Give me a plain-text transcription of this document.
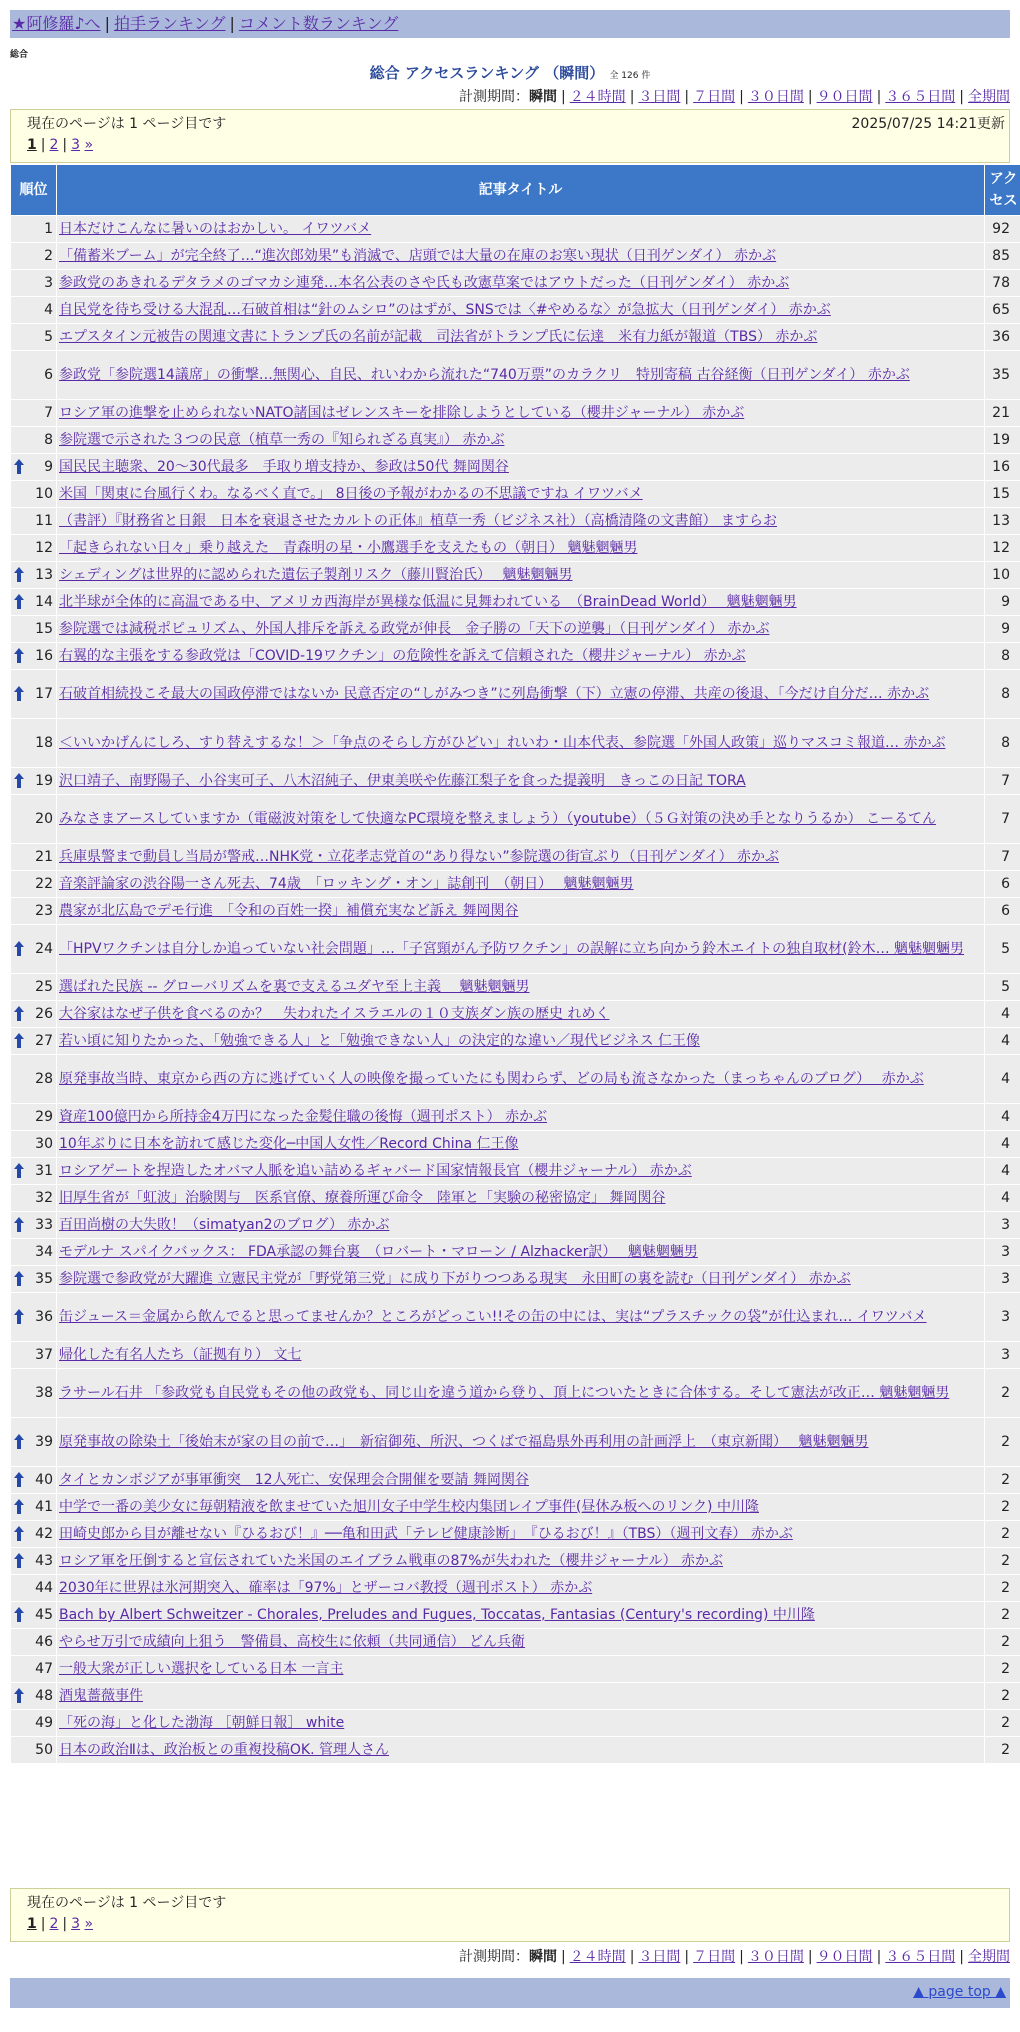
★阿修羅♪へ | 拍手ランキング | コメント数ランキング
総合
総合 アクセスランキング （瞬間） 全 126 件
計測期間：瞬間 | ２４時間 | ３日間 | ７日間 | ３０日間 | ９０日間 | ３６５日間 | 全期間
現在のページは 1 ページ目です	2025/07/25 14:21更新
1 | 2 | 3 »
順位	記事タイトル	アクセス
1	日本だけこんなに暑いのはおかしい。 イワツバメ	92
2	「備蓄米ブーム」が完全終了…“進次郎効果”も消滅で、店頭では大量の在庫のお寒い現状（日刊ゲンダイ） 赤かぶ	85
3	参政党のあきれるデタラメのゴマカシ連発…本名公表のさや氏も改憲草案ではアウトだった（日刊ゲンダイ） 赤かぶ	78
4	自民党を待ち受ける大混乱…石破首相は“針のムシロ”のはずが、SNSでは〈#やめるな〉が急拡大（日刊ゲンダイ） 赤かぶ	65
5	エプスタイン元被告の関連文書にトランプ氏の名前が記載　司法省がトランプ氏に伝達　米有力紙が報道（TBS） 赤かぶ	36
6	参政党「参院選14議席」の衝撃…無関心、自民、れいわから流れた“740万票”のカラクリ　特別寄稿 古谷経衡（日刊ゲンダイ） 赤かぶ	35
7	ロシア軍の進撃を止められないNATO諸国はゼレンスキーを排除しようとしている（櫻井ジャーナル） 赤かぶ	21
8	参院選で示された３つの民意（植草一秀の『知られざる真実』） 赤かぶ	19

9	国民民主聴衆、20～30代最多　手取り増支持か、参政は50代 舞岡関谷	16
10	米国「関東に台風行くわ。なるべく直で。」 8日後の予報がわかるの不思議ですね イワツバメ	15
11	（書評）『財務省と日銀　日本を衰退させたカルトの正体』植草一秀（ビジネス社）（高橋清隆の文書館） ますらお	13
12	「起きられない日々」乗り越えた　青森明の星・小鷹選手を支えたもの（朝日） 魑魅魍魎男	12

13	シェディングは世界的に認められた遺伝子製剤リスク（藤川賢治氏）　 魑魅魍魎男	10

14	北半球が全体的に高温である中、アメリカ西海岸が異様な低温に見舞われている　（BrainDead World）　 魑魅魍魎男	9
15	参院選では減税ポピュリズム、外国人排斥を訴える政党が伸長　金子勝の「天下の逆襲」（日刊ゲンダイ） 赤かぶ	9

16	右翼的な主張をする参政党は「COVID-19ワクチン」の危険性を訴えて信頼された（櫻井ジャーナル） 赤かぶ	8

17	石破首相続投こそ最大の国政停滞ではないか 民意否定の“しがみつき”に列島衝撃（下）立憲の停滞、共産の後退、「今だけ自分だ… 赤かぶ	8
18	＜いいかげんにしろ、すり替えするな！＞「争点のそらし方がひどい」れいわ・山本代表、参院選「外国人政策」巡りマスコミ報道… 赤かぶ	8

19	沢口靖子、南野陽子、小谷実可子、八木沼純子、伊東美咲や佐藤江梨子を食った提義明　きっこの日記 TORA	7
20	みなさまアースしていますか（電磁波対策をして快適なPC環境を整えましょう）（youtube）（５Ｇ対策の決め手となりうるか） こーるてん	7
21	兵庫県警まで動員し当局が警戒…NHK党・立花孝志党首の“あり得ない”参院選の街宣ぶり（日刊ゲンダイ） 赤かぶ	7
22	音楽評論家の渋谷陽一さん死去、74歳　「ロッキング・オン」誌創刊　（朝日）　 魑魅魍魎男	6
23	農家が北広島でデモ行進　「令和の百姓一揆」補償充実など訴え 舞岡関谷	6

24	「HPVワクチンは自分しか追っていない社会問題」…「子宮頸がん予防ワクチン」の誤解に立ち向かう鈴木エイトの独自取材(鈴木… 魑魅魍魎男	5
25	選ばれた民族 -- グローバリズムを裏で支えるユダヤ至上主義　 魑魅魍魎男	5

26	大谷家はなぜ子供を食べるのか？　失われたイスラエルの１０支族ダン族の歴史 れめく	4

27	若い頃に知りたかった、「勉強できる人」と「勉強できない人」の決定的な違い／現代ビジネス 仁王像	4
28	原発事故当時、東京から西の方に逃げていく人の映像を撮っていたにも関わらず、どの局も流さなかった（まっちゃんのブログ）　 赤かぶ	4
29	資産100億円から所持金4万円になった金髪住職の後悔（週刊ポスト） 赤かぶ	4
30	10年ぶりに日本を訪れて感じた変化─中国人女性／Record China 仁王像	4

31	ロシアゲートを捏造したオバマ人脈を追い詰めるギャバード国家情報長官（櫻井ジャーナル） 赤かぶ	4
32	旧厚生省が「虹波」治験関与　医系官僚、療養所運び命令　陸軍と「実験の秘密協定」 舞岡関谷	4

33	百田尚樹の大失敗！（simatyan2のブログ） 赤かぶ	3
34	モデルナ スパイクバックス： FDA承認の舞台裏　（ロバート・マローン / Alzhacker訳）　 魑魅魍魎男	3

35	参院選で参政党が大躍進 立憲民主党が「野党第三党」に成り下がりつつある現実　永田町の裏を読む（日刊ゲンダイ） 赤かぶ	3

36	缶ジュース＝金属から飲んでると思ってませんか？ところがどっこい!!その缶の中には、実は“プラスチックの袋”が仕込まれ… イワツバメ	3
37	帰化した有名人たち（証拠有り） 文七	3
38	ラサール石井 「参政党も自民党もその他の政党も、同じ山を違う道から登り、頂上についたときに合体する。そして憲法が改正… 魑魅魍魎男	2

39	原発事故の除染土「後始末が家の目の前で…」　新宿御苑、所沢、つくばで福島県外再利用の計画浮上　（東京新聞）　 魑魅魍魎男	2

40	タイとカンボジアが事軍衝突　12人死亡、安保理会合開催を要請 舞岡関谷	2

41	中学で一番の美少女に毎朝精液を飲ませていた旭川女子中学生校内集団レイプ事件(昼休み板へのリンク) 中川隆	2

42	田崎史郎から目が離せない『ひるおび！』──亀和田武「テレビ健康診断」　『ひるおび！』（TBS）（週刊文春） 赤かぶ	2

43	ロシア軍を圧倒すると宣伝されていた米国のエイブラム戦車の87%が失われた（櫻井ジャーナル） 赤かぶ	2
44	2030年に世界は氷河期突入、確率は「97%」とザーコバ教授（週刊ポスト） 赤かぶ	2

45	Bach by Albert Schweitzer - Chorales, Preludes and Fugues, Toccatas, Fantasias (Century's recording) 中川隆	2
46	やらせ万引で成績向上狙う　警備員、高校生に依頼（共同通信） どん兵衛	2
47	一般大衆が正しい選択をしている日本 一言主	2

48	酒鬼薔薇事件	2
49	「死の海」と化した渤海 ［朝鮮日報］ white	2
50	日本の政治Ⅱは、政治板との重複投稿OK. 管理人さん	2
現在のページは 1 ページ目です
1 | 2 | 3 »
計測期間：瞬間 | ２４時間 | ３日間 | ７日間 | ３０日間 | ９０日間 | ３６５日間 | 全期間
▲ page top ▲
